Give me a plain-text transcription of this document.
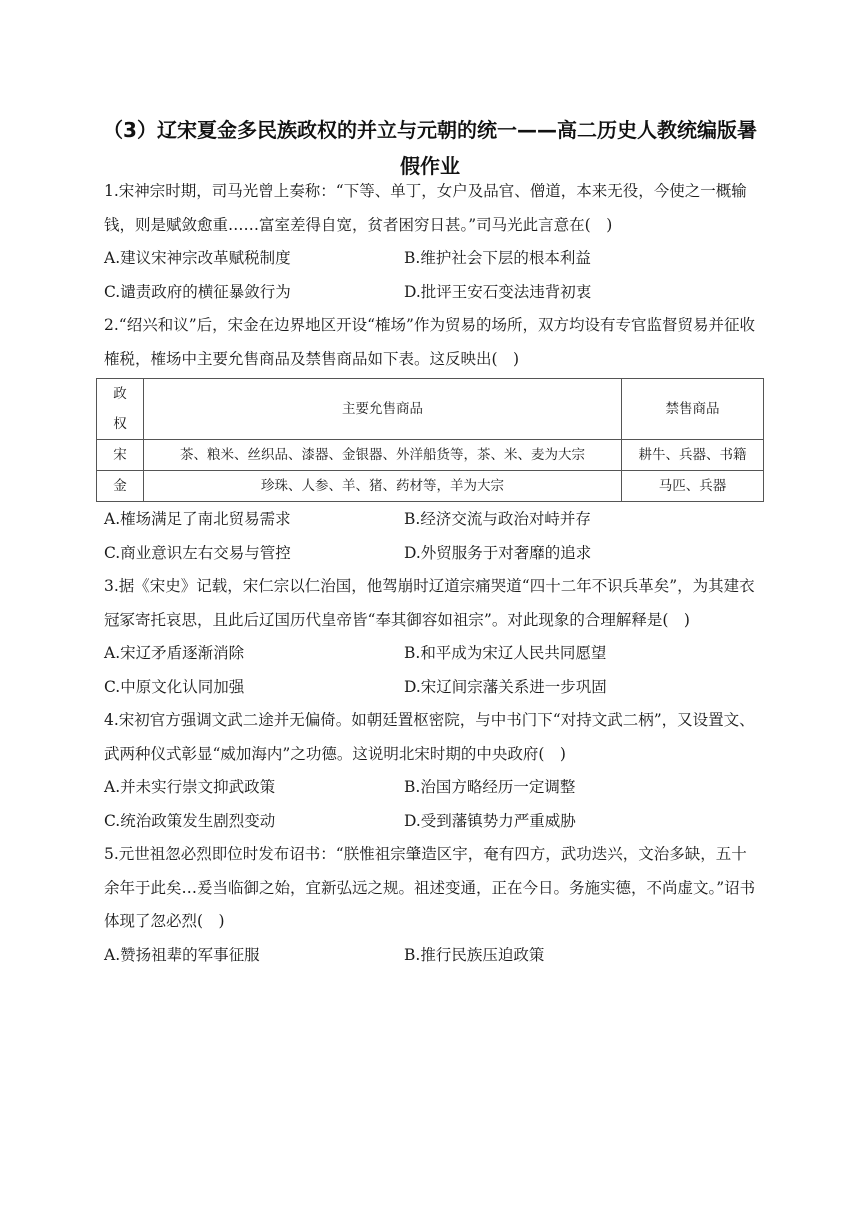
（3）辽宋夏金多民族政权的并立与元朝的统一——高二历史人教统编版暑假作业

1.宋神宗时期，司马光曾上奏称：“下等、单丁，女户及品官、僧道，本来无役，今使之一概输钱，则是赋敛愈重……富室差得自宽，贫者困穷日甚。”司马光此言意在(　)

A.建议宋神宗改革赋税制度	B.维护社会下层的根本利益
C.谴责政府的横征暴敛行为	D.批评王安石变法违背初衷

2.“绍兴和议”后，宋金在边界地区开设“榷场”作为贸易的场所，双方均设有专官监督贸易并征收榷税，榷场中主要允售商品及禁售商品如下表。这反映出(　)

政权	主要允售商品	禁售商品
宋	茶、粮米、丝织品、漆器、金银器、外洋船货等，茶、米、麦为大宗	耕牛、兵器、书籍
金	珍珠、人参、羊、猪、药材等，羊为大宗	马匹、兵器
A.榷场满足了南北贸易需求	B.经济交流与政治对峙并存
C.商业意识左右交易与管控	D.外贸服务于对奢靡的追求

3.据《宋史》记载，宋仁宗以仁治国，他驾崩时辽道宗痛哭道“四十二年不识兵革矣”，为其建衣冠冢寄托哀思，且此后辽国历代皇帝皆“奉其御容如祖宗”。对此现象的合理解释是(　)

A.宋辽矛盾逐渐消除	B.和平成为宋辽人民共同愿望
C.中原文化认同加强	D.宋辽间宗藩关系进一步巩固

4.宋初官方强调文武二途并无偏倚。如朝廷置枢密院，与中书门下“对持文武二柄”，又设置文、武两种仪式彰显“威加海内”之功德。这说明北宋时期的中央政府(　)

A.并未实行崇文抑武政策	B.治国方略经历一定调整
C.统治政策发生剧烈变动	D.受到藩镇势力严重威胁

5.元世祖忽必烈即位时发布诏书：“朕惟祖宗肇造区宇，奄有四方，武功迭兴，文治多缺，五十余年于此矣…爰当临御之始，宜新弘远之规。祖述变通，正在今日。务施实德，不尚虚文。”诏书体现了忽必烈(　)

A.赞扬祖辈的军事征服	B.推行民族压迫政策
